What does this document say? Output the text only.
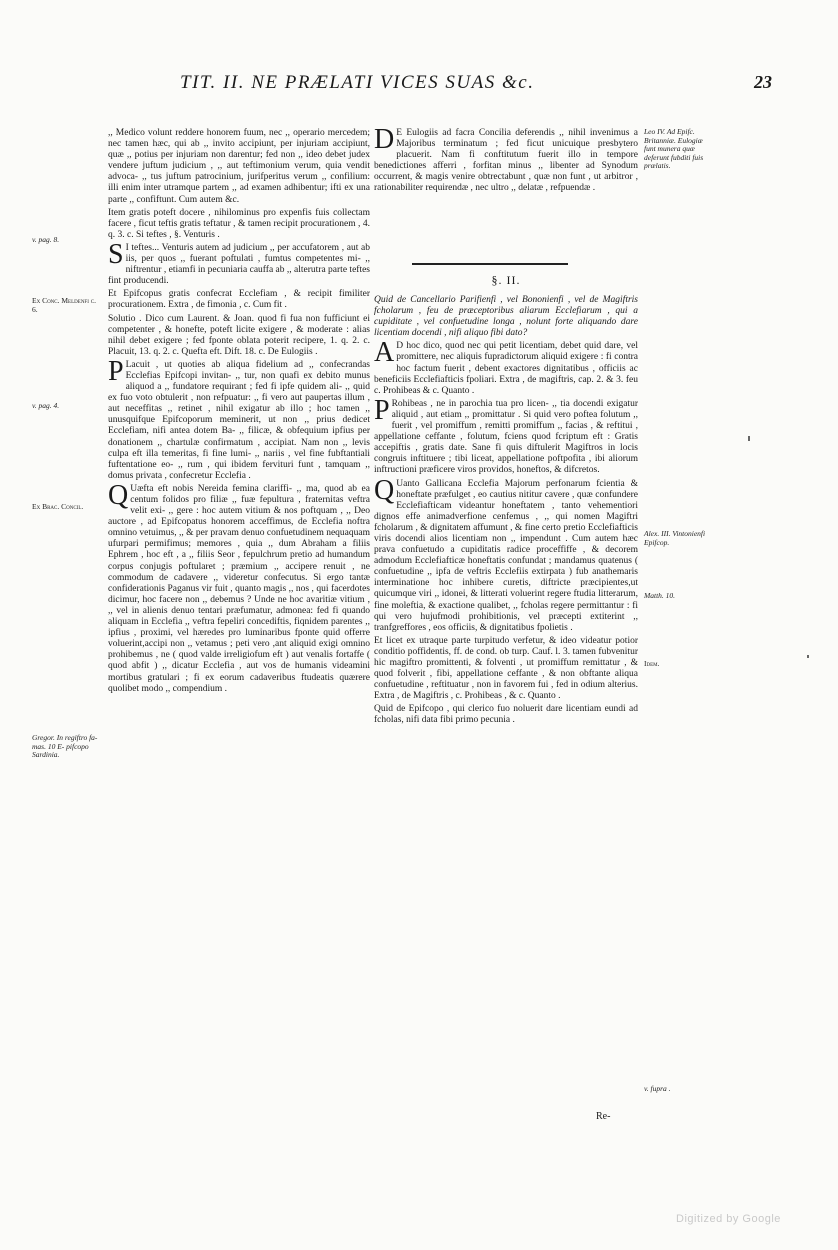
TIT. II. NE PRÆLATI VICES SUAS &c.	23
v. pag. 8.
Ex Conc. Meldenfi c. 6.
v. pag. 4.
Ex Brac. Concil.
Gregor. In regiftro fa- mas. 10 E- pifcopo Sardinia.

,, Medico volunt reddere honorem fuum, nec ,, operario mercedem; nec tamen hæc, qui ab ,, invito accipiunt, per injuriam accipiunt, quæ ,, potius per injuriam non darentur; fed non ,, ideo debet judex vendere juftum judicium , ,, aut teftimonium verum, quia vendit advoca- ,, tus juftum patrocinium, jurifperitus verum ,, confilium: illi enim inter utramque partem ,, ad examen adhibentur; ifti ex una parte ,, confiftunt. Cum autem &c.

Item gratis poteft docere , nihilominus pro expenfis fuis collectam facere , ficut teftis gratis teftatur , & tamen recipit procurationem , 4. q. 3. c. Si teftes , §. Venturis .

S I teftes... Venturis autem ad judicium ,, per accufatorem , aut ab iis, per quos ,, fuerant poftulati , fumtus competentes mi- ,, niftrentur , etiamfi in pecuniaria cauffa ab ,, alterutra parte teftes fint producendi.

Et Epifcopus gratis confecrat Ecclefiam , & recipit fimiliter procurationem. Extra , de fimonia , c. Cum fit .

Solutio . Dico cum Laurent. & Joan. quod fi fua non fufficiunt ei competenter , & honefte, poteft licite exigere , & moderate : alias nihil debet exigere ; fed fponte oblata poterit recipere, 1. q. 2. c. Placuit, 13. q. 2. c. Quefta eft. Dift. 18. c. De Eulogiis .

P Lacuit , ut quoties ab aliqua fidelium ad ,, confecrandas Ecclefias Epifcopi invitan- ,, tur, non quafi ex debito munus aliquod a ,, fundatore requirant ; fed fi ipfe quidem ali- ,, quid ex fuo voto obtulerit , non refpuatur: ,, fi vero aut paupertas illum , aut neceffitas ,, retinet , nihil exigatur ab illo ; hoc tamen ,, unusquifque Epifcoporum meminerit, ut non ,, prius dedicet Ecclefiam, nifi antea dotem Ba- ,, filicæ, & obfequium ipfius per donationem ,, chartulæ confirmatum , accipiat. Nam non ,, levis culpa eft illa temeritas, fi fine lumi- ,, nariis , vel fine fubftantiali fuftentatione eo- ,, rum , qui ibidem fervituri funt , tamquam ,, domus privata , confecretur Ecclefia .

Q Uæfta eft nobis Nereida femina clariffi- ,, ma, quod ab ea centum folidos pro filiæ ,, fuæ fepultura , fraternitas veftra velit exi- ,, gere : hoc autem vitium & nos poftquam , ,, Deo auctore , ad Epifcopatus honorem acceffimus, de Ecclefia noftra omnino vetuimus, ,, & per pravam denuo confuetudinem nequaquam ufurpari permifimus; memores , quia ,, dum Abraham a filiis Ephrem , hoc eft , a ,, filiis Seor , fepulchrum pretio ad humandum corpus conjugis poftularet ; præmium ,, accipere renuit , ne commodum de cadavere ,, videretur confecutus. Si ergo tantæ confiderationis Paganus vir fuit , quanto magis ,, nos , qui facerdotes dicimur, hoc facere non ,, debemus ? Unde ne hoc avaritiæ vitium , ,, vel in alienis denuo tentari præfumatur, admonea: fed fi quando aliquam in Ecclefia ,, veftra fepeliri concediftis, fiqnidem parentes ,, ipfius , proximi, vel hæredes pro luminaribus fponte quid offerre voluerint,accipi non ,, vetamus ; peti vero ,ant aliquid exigi omnino prohibemus , ne ( quod valde irreligiofum eft ) aut venalis fortaffe ( quod abfit ) ,, dicatur Ecclefia , aut vos de humanis videamini mortibus gratulari ; fi ex eorum cadaveribus ftudeatis quærere quolibet modo ,, compendium .

D E Eulogiis ad facra Concilia deferendis ,, nihil invenimus a Majoribus terminatum ; fed ficut unicuique presbytero placuerit. Nam fi conftitutum fuerit illo in tempore benedictiones afferri , forfitan minus ,, libenter ad Synodum occurrent, & magis venire obtrectabunt , quæ non funt , ut arbitror , rationabiliter requirendæ , nec ultro ,, delatæ , refpuendæ .

§. II.

Quid de Cancellario Parifienfi , vel Bononienfi , vel de Magiftris fcholarum , feu de præceptoribus aliarum Ecclefiarum , qui a cupiditate , vel confuetudine longa , nolunt forte aliquando dare licentiam docendi , nifi aliquo fibi dato?

A D hoc dico, quod nec qui petit licentiam, debet quid dare, vel promittere, nec aliquis fupradictorum aliquid exigere : fi contra hoc factum fuerit , debent exactores dignitatibus , officiis ac beneficiis Ecclefiafticis fpoliari. Extra , de magiftris, cap. 2. & 3. feu c. Prohibeas & c. Quanto .

P Rohibeas , ne in parochia tua pro licen- ,, tia docendi exigatur aliquid , aut etiam ,, promittatur . Si quid vero poftea folutum ,, fuerit , vel promiffum , remitti promiffum ,, facias , & reftitui , appellatione ceffante , folutum, fciens quod fcriptum eft : Gratis accepiftis , gratis date. Sane fi quis diftulerit Magiftros in locis congruis inftituere ; tibi liceat, appellatione poftpofita , ibi aliorum inftructioni præficere viros providos, honeftos, & difcretos.

Q Uanto Gallicana Ecclefia Majorum perfonarum fcientia & honeftate præfulget , eo cautius nititur cavere , quæ confundere Ecclefiafticam videantur honeftatem , tanto vehementiori dignos effe animadverfione cenfemus , ,, qui nomen Magiftri fcholarum , & dignitatem affumunt , & fine certo pretio Ecclefiafticis viris docendi alios licentiam non ,, impendunt . Cum autem hæc prava confuetudo a cupiditatis radice proceffiffe , & decorem admodum Ecclefiafticæ honeftatis confundat ; mandamus quatenus ( confuetudine ,, ipfa de veftris Ecclefiis extirpata ) fub anathemaris interminatione hoc inhibere curetis, diftricte præcipientes,ut quicumque viri ,, idonei, & litterati voluerint regere ftudia litterarum, fine moleftia, & exactione qualibet, ,, fcholas regere permittantur : fi qui vero hujufmodi prohibitionis, vel præcepti extiterint ,, tranfgreffores , eos officiis, & dignitatibus fpolietis .

Et licet ex utraque parte turpitudo verfetur, & ideo videatur potior conditio poffidentis, ff. de cond. ob turp. Cauf. l. 3. tamen fubvenitur hic magiftro promittenti, & folventi , ut promiffum remittatur , & quod folverit , fibi, appellatione ceffante , & non obftante aliqua confuetudine , reftituatur , non in favorem fui , fed in odium alterius. Extra , de Magiftris , c. Prohibeas , & c. Quanto .

Quid de Epifcopo , qui clerico fuo noluerit dare licentiam eundi ad fcholas, nifi data fibi primo pecunia .

Leo IV. Ad Epifc. Britanniæ. Eulogiæ funt munera quæ deferunt fubditi fuis prælatis.
Alex. III. Vintonienfi Epifcop.
Matth. 10.
Idem.
v. fupra .
Re-
Digitized by Google
